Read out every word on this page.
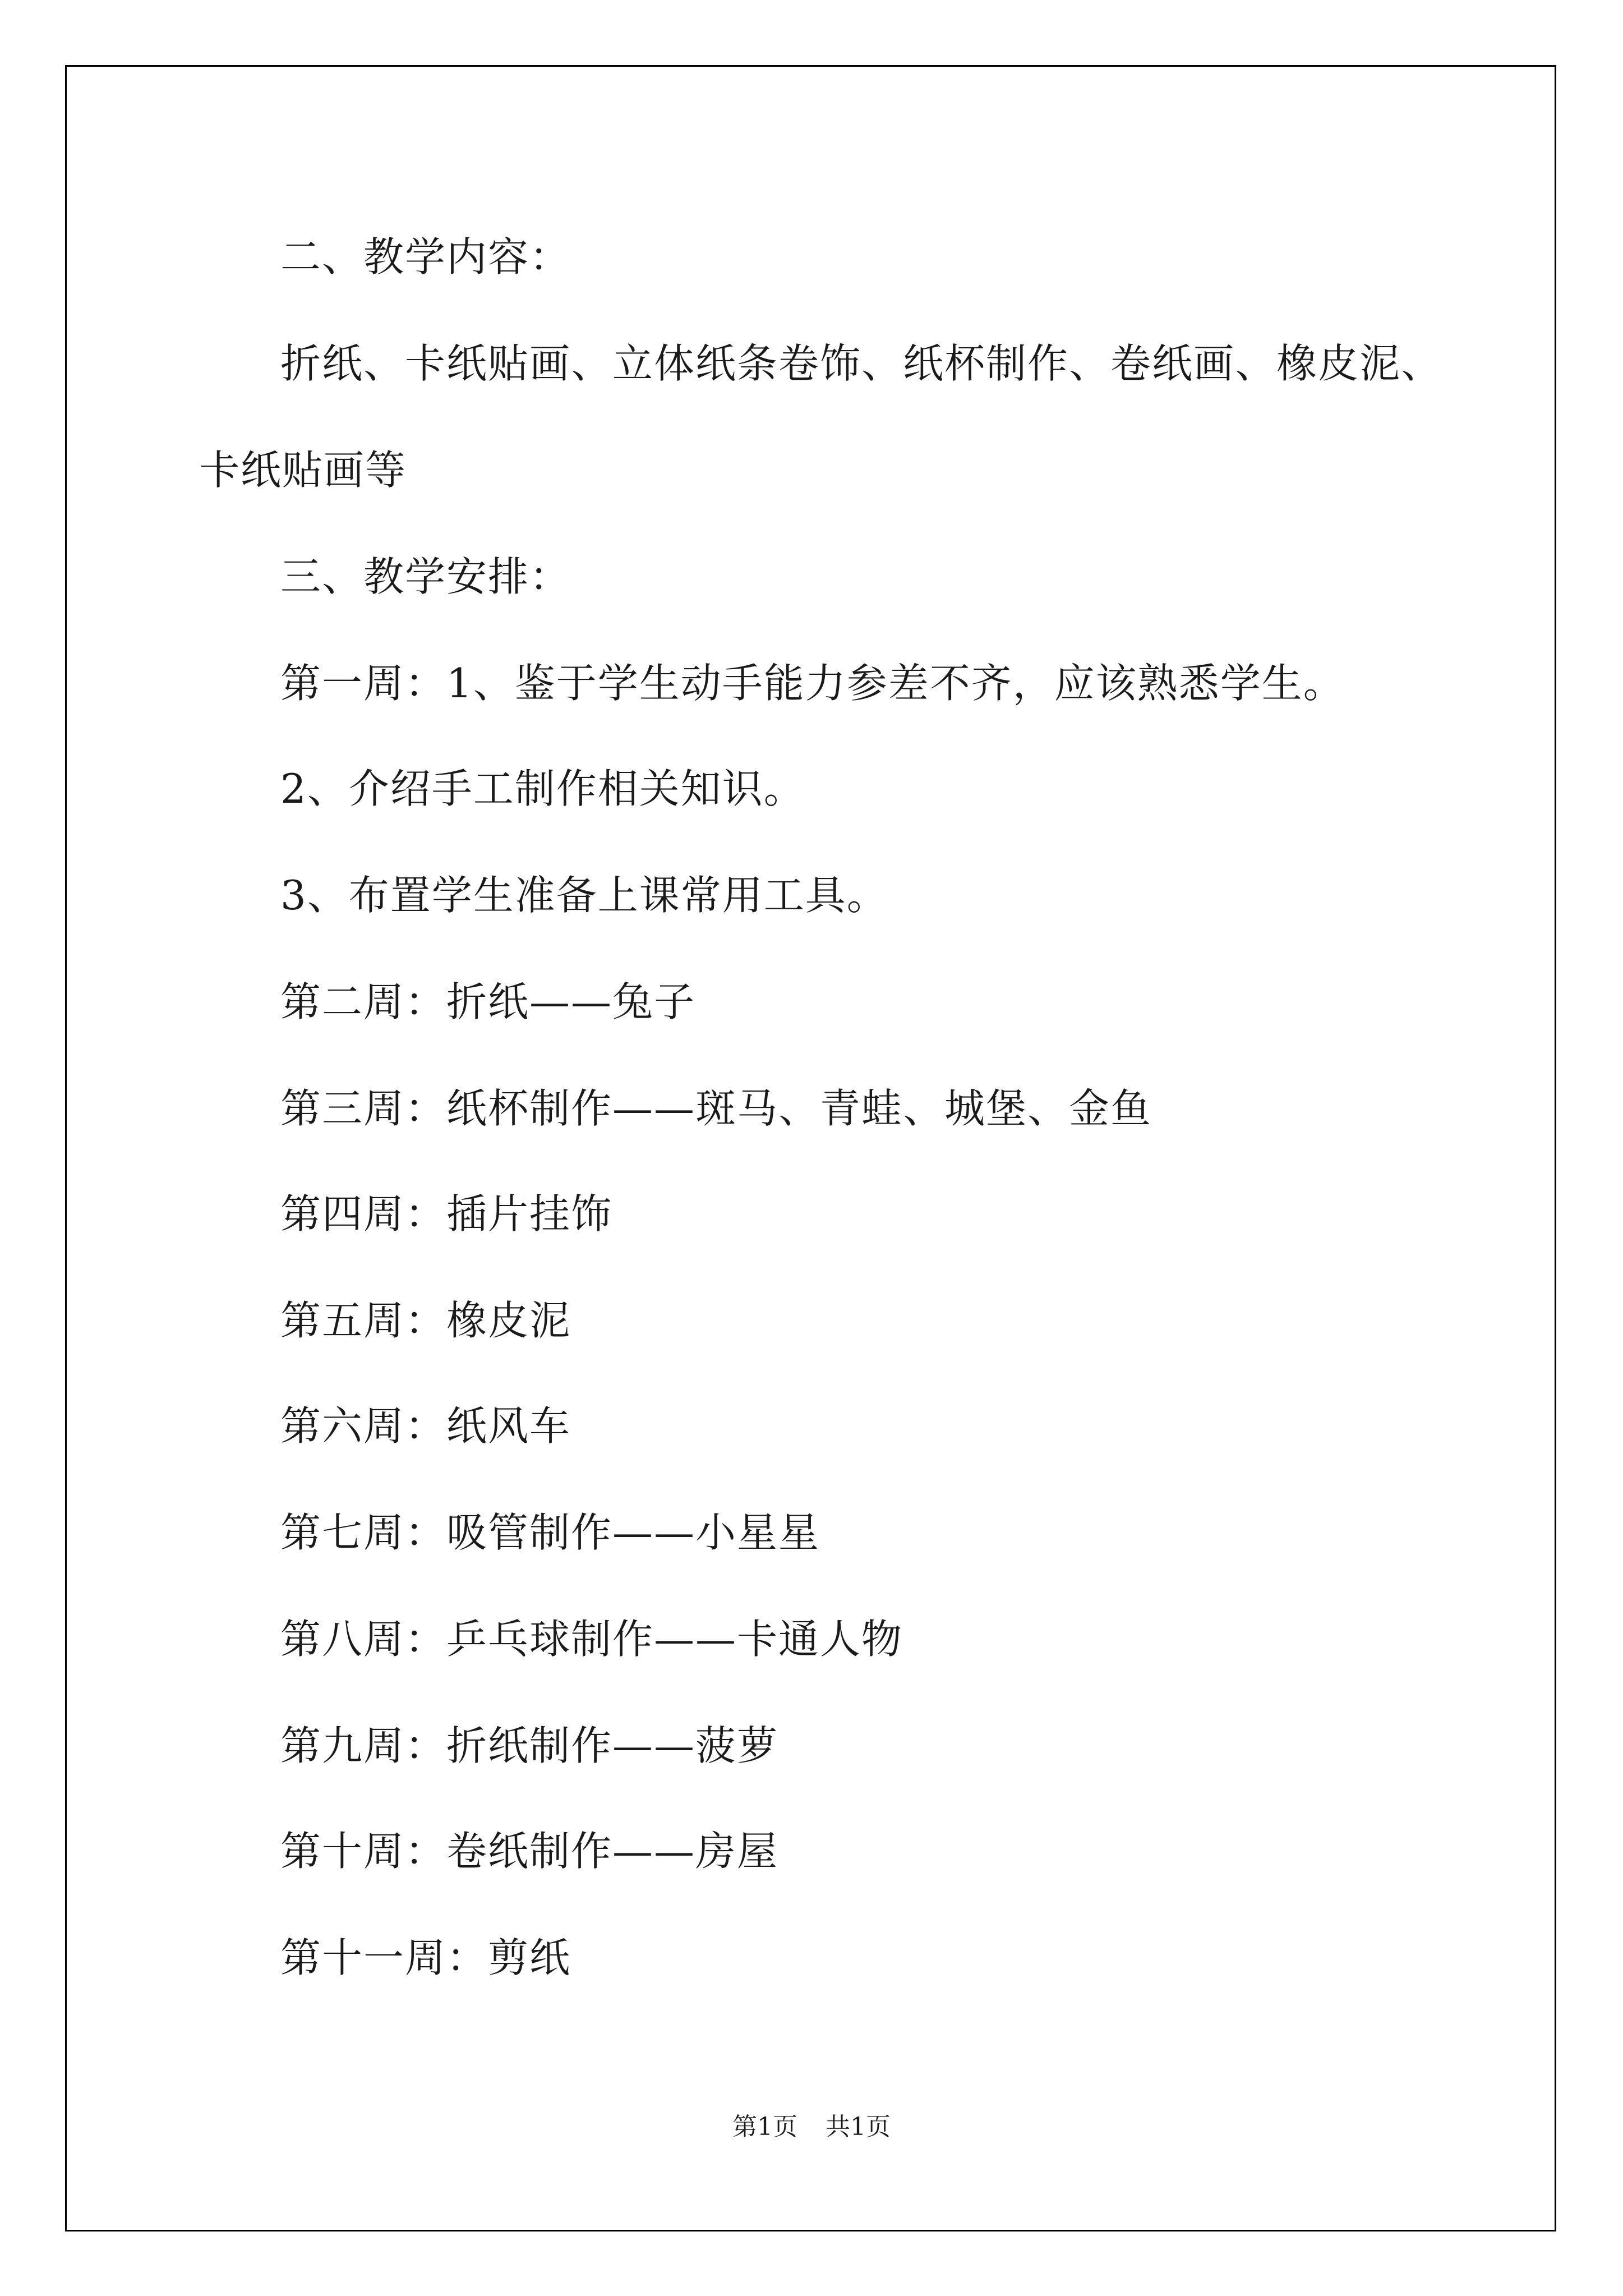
二、教学内容：
折纸、卡纸贴画、立体纸条卷饰、纸杯制作、卷纸画、橡皮泥、
卡纸贴画等
三、教学安排：
第一周：1、鉴于学生动手能力参差不齐，应该熟悉学生。
2、介绍手工制作相关知识。
3、布置学生准备上课常用工具。
第二周：折纸——兔子
第三周：纸杯制作——斑马、青蛙、城堡、金鱼
第四周：插片挂饰
第五周：橡皮泥
第六周：纸风车
第七周：吸管制作——小星星
第八周：乒乓球制作——卡通人物
第九周：折纸制作——菠萝
第十周：卷纸制作——房屋
第十一周：剪纸
第1页 共1页
